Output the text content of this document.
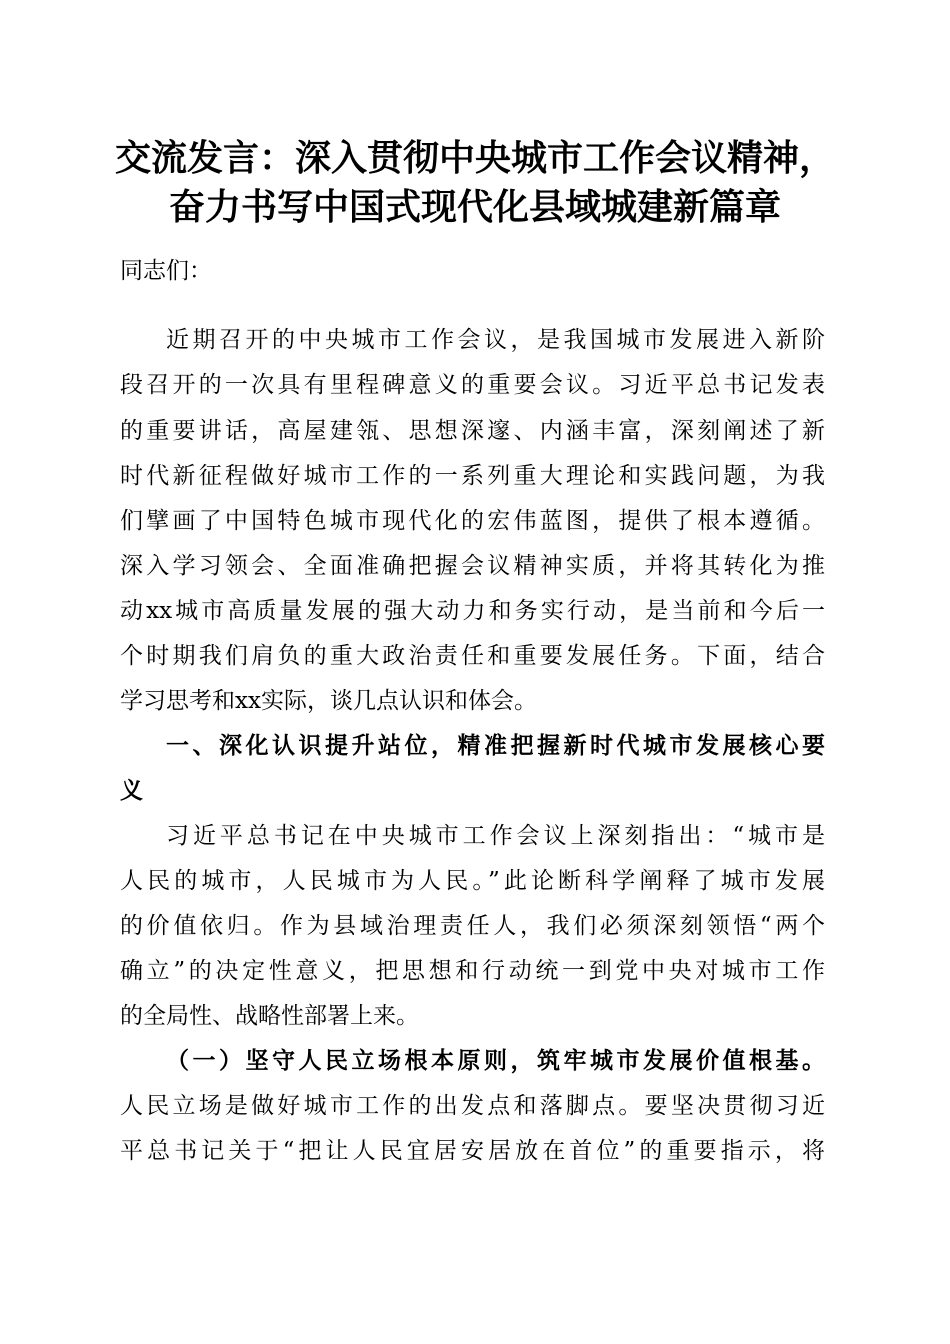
交流发言：深入贯彻中央城市工作会议精神，
奋力书写中国式现代化县域城建新篇章
同志们：
近期召开的中央城市工作会议，是我国城市发展进入新阶
段召开的一次具有里程碑意义的重要会议。习近平总书记发表
的重要讲话，高屋建瓴、思想深邃、内涵丰富，深刻阐述了新
时代新征程做好城市工作的一系列重大理论和实践问题，为我
们擘画了中国特色城市现代化的宏伟蓝图，提供了根本遵循。
深入学习领会、全面准确把握会议精神实质，并将其转化为推
动xx城市高质量发展的强大动力和务实行动，是当前和今后一
个时期我们肩负的重大政治责任和重要发展任务。下面，结合
学习思考和xx实际，谈几点认识和体会。
一、深化认识提升站位，精准把握新时代城市发展核心要
义
习近平总书记在中央城市工作会议上深刻指出：“城市是
人民的城市，人民城市为人民。”此论断科学阐释了城市发展
的价值依归。作为县域治理责任人，我们必须深刻领悟“两个
确立”的决定性意义，把思想和行动统一到党中央对城市工作
的全局性、战略性部署上来。
（一）坚守人民立场根本原则，筑牢城市发展价值根基。
人民立场是做好城市工作的出发点和落脚点。要坚决贯彻习近
平总书记关于“把让人民宜居安居放在首位”的重要指示，将
